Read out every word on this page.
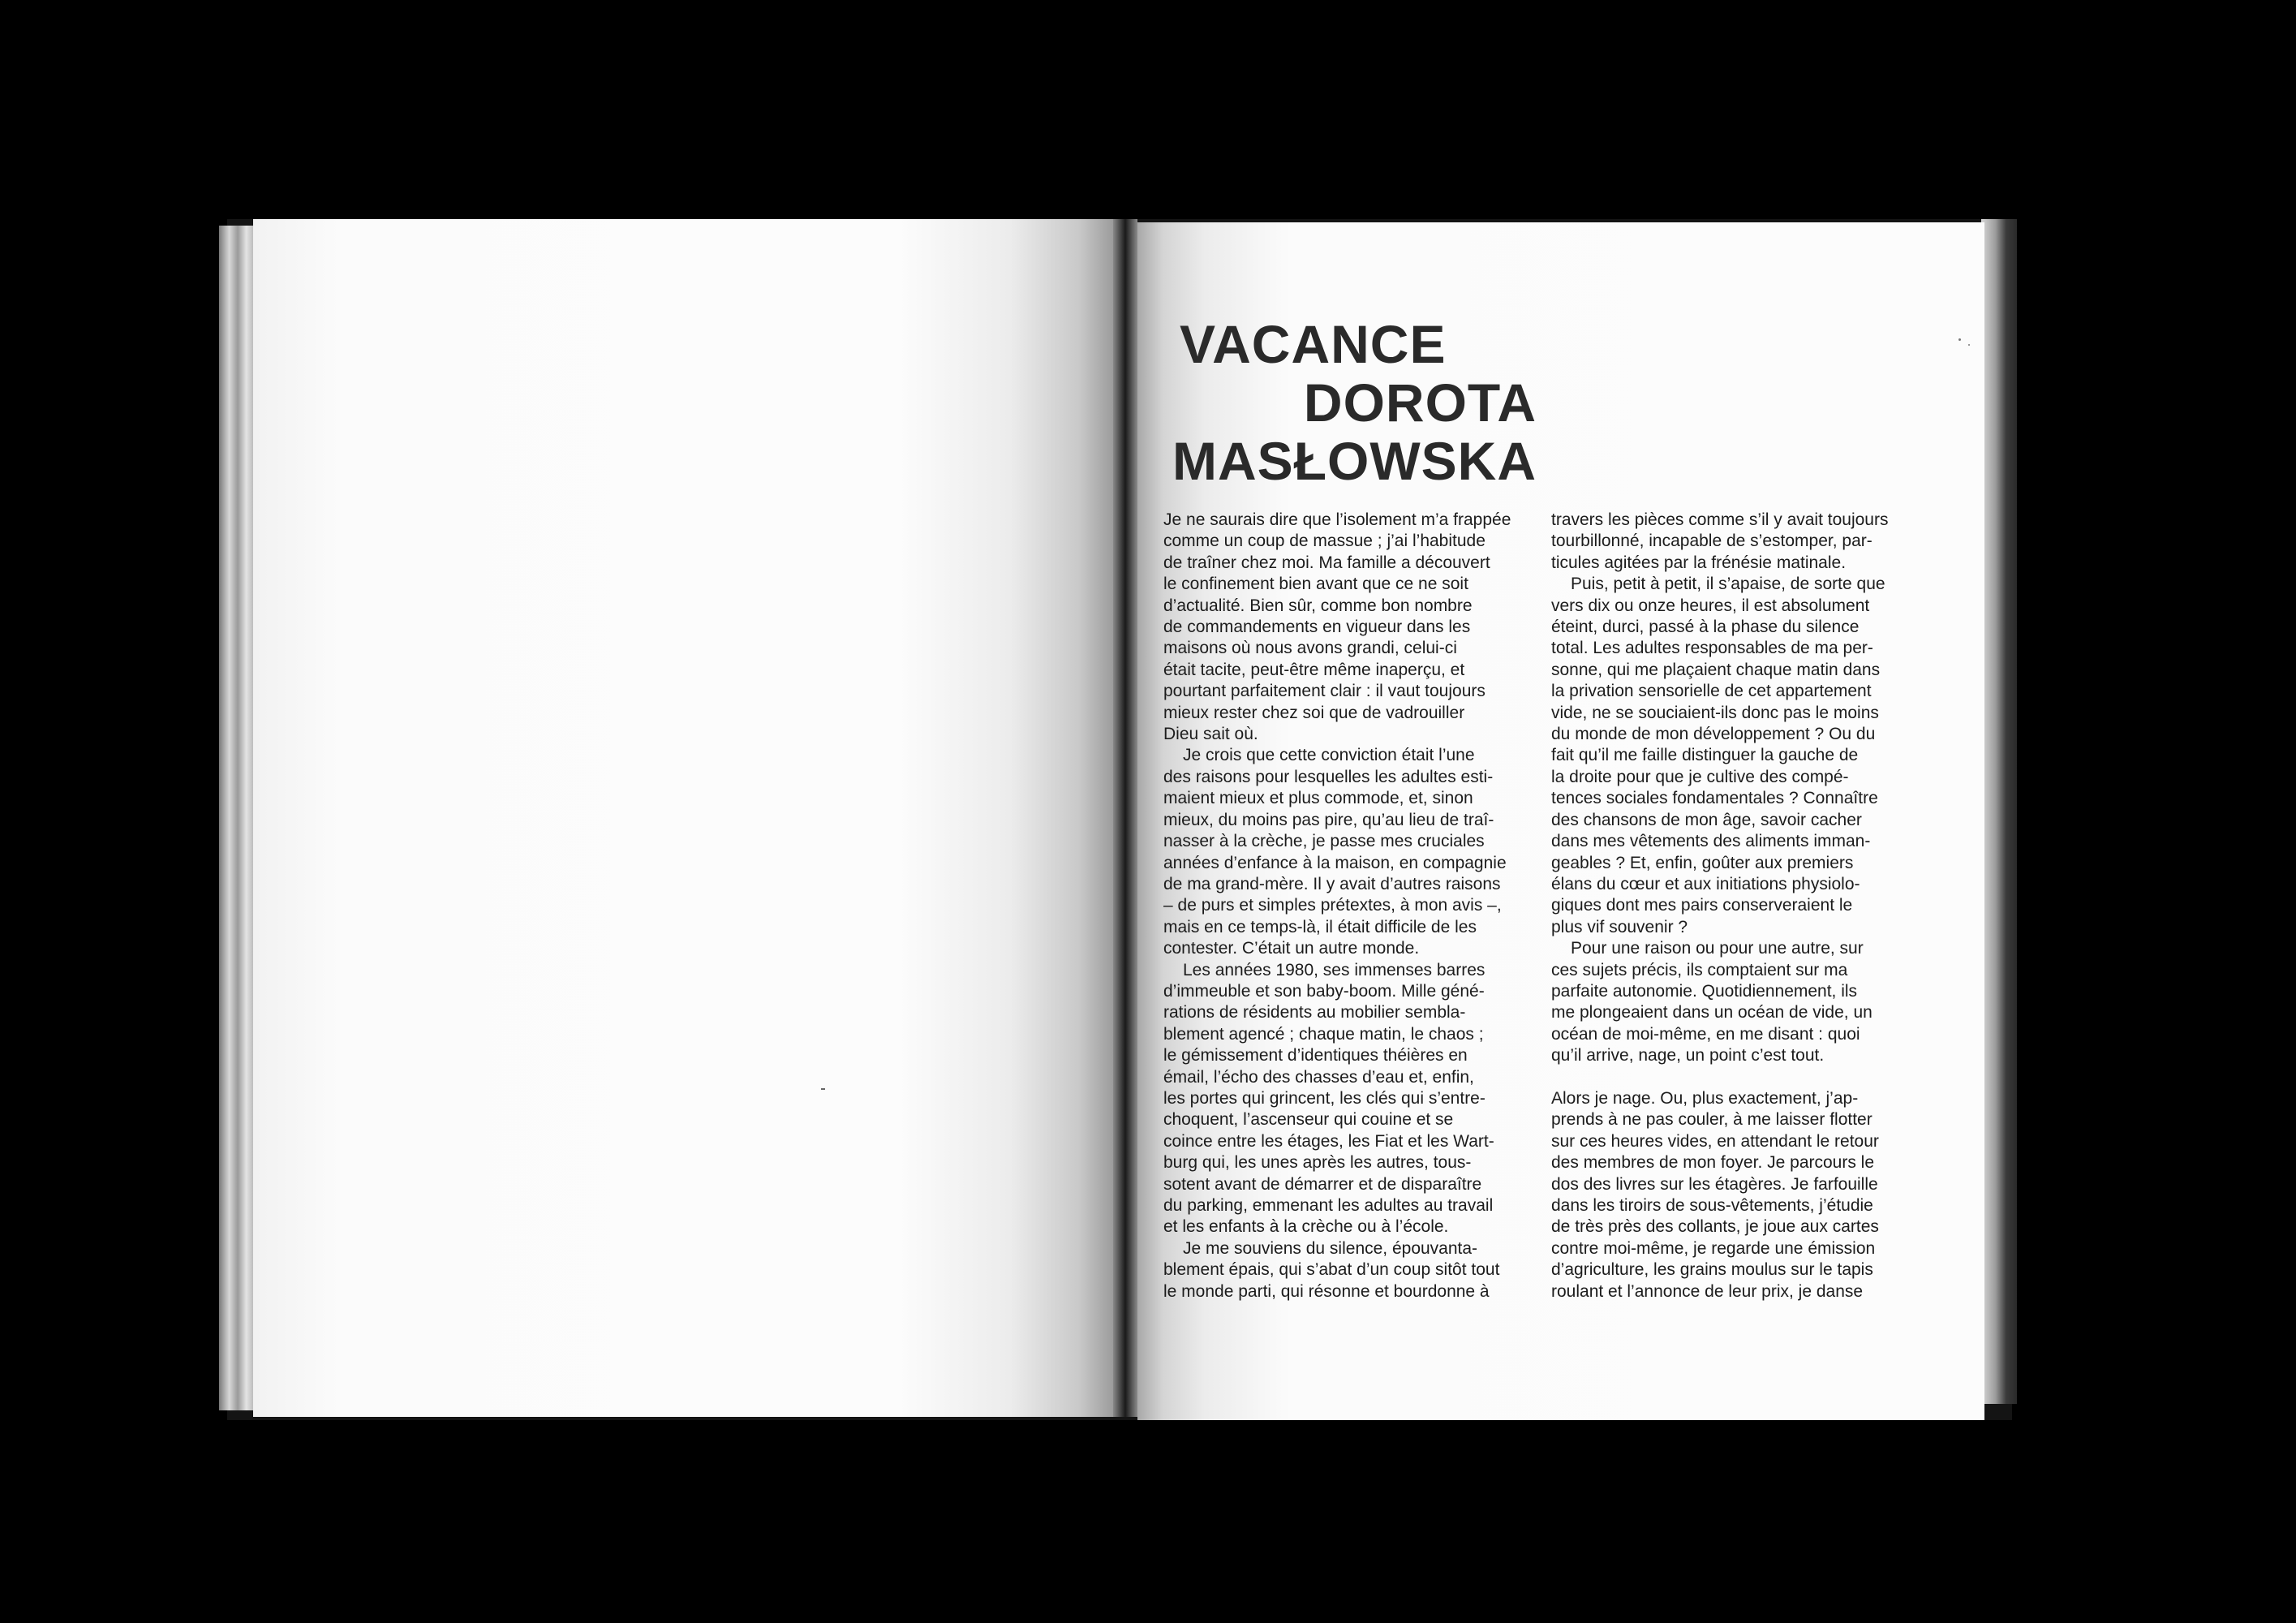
VACANCE
DOROTA
MASŁOWSKA
Je ne saurais dire que l’isolement m’a frappée
comme un coup de massue ; j’ai l’habitude
de traîner chez moi. Ma famille a découvert
le confinement bien avant que ce ne soit
d’actualité. Bien sûr, comme bon nombre
de commandements en vigueur dans les
maisons où nous avons grandi, celui-ci
était tacite, peut-être même inaperçu, et
pourtant parfaitement clair : il vaut toujours
mieux rester chez soi que de vadrouiller
Dieu sait où.
Je crois que cette conviction était l’une
des raisons pour lesquelles les adultes esti-
maient mieux et plus commode, et, sinon
mieux, du moins pas pire, qu’au lieu de traî-
nasser à la crèche, je passe mes cruciales
années d’enfance à la maison, en compagnie
de ma grand-mère. Il y avait d’autres raisons
– de purs et simples prétextes, à mon avis –,
mais en ce temps-là, il était difficile de les
contester. C’était un autre monde.
Les années 1980, ses immenses barres
d’immeuble et son baby-boom. Mille géné-
rations de résidents au mobilier sembla-
blement agencé ; chaque matin, le chaos ;
le gémissement d’identiques théières en
émail, l’écho des chasses d’eau et, enfin,
les portes qui grincent, les clés qui s’entre-
choquent, l’ascenseur qui couine et se
coince entre les étages, les Fiat et les Wart-
burg qui, les unes après les autres, tous-
sotent avant de démarrer et de disparaître
du parking, emmenant les adultes au travail
et les enfants à la crèche ou à l’école.
Je me souviens du silence, épouvanta-
blement épais, qui s’abat d’un coup sitôt tout
le monde parti, qui résonne et bourdonne à
travers les pièces comme s’il y avait toujours
tourbillonné, incapable de s’estomper, par-
ticules agitées par la frénésie matinale.
Puis, petit à petit, il s’apaise, de sorte que
vers dix ou onze heures, il est absolument
éteint, durci, passé à la phase du silence
total. Les adultes responsables de ma per-
sonne, qui me plaçaient chaque matin dans
la privation sensorielle de cet appartement
vide, ne se souciaient-ils donc pas le moins
du monde de mon développement ? Ou du
fait qu’il me faille distinguer la gauche de
la droite pour que je cultive des compé-
tences sociales fondamentales ? Connaître
des chansons de mon âge, savoir cacher
dans mes vêtements des aliments imman-
geables ? Et, enfin, goûter aux premiers
élans du cœur et aux initiations physiolo-
giques dont mes pairs conserveraient le
plus vif souvenir ?
Pour une raison ou pour une autre, sur
ces sujets précis, ils comptaient sur ma
parfaite autonomie. Quotidiennement, ils
me plongeaient dans un océan de vide, un
océan de moi-même, en me disant : quoi
qu’il arrive, nage, un point c’est tout.
Alors je nage. Ou, plus exactement, j’ap-
prends à ne pas couler, à me laisser flotter
sur ces heures vides, en attendant le retour
des membres de mon foyer. Je parcours le
dos des livres sur les étagères. Je farfouille
dans les tiroirs de sous-vêtements, j’étudie
de très près des collants, je joue aux cartes
contre moi-même, je regarde une émission
d’agriculture, les grains moulus sur le tapis
roulant et l’annonce de leur prix, je danse
